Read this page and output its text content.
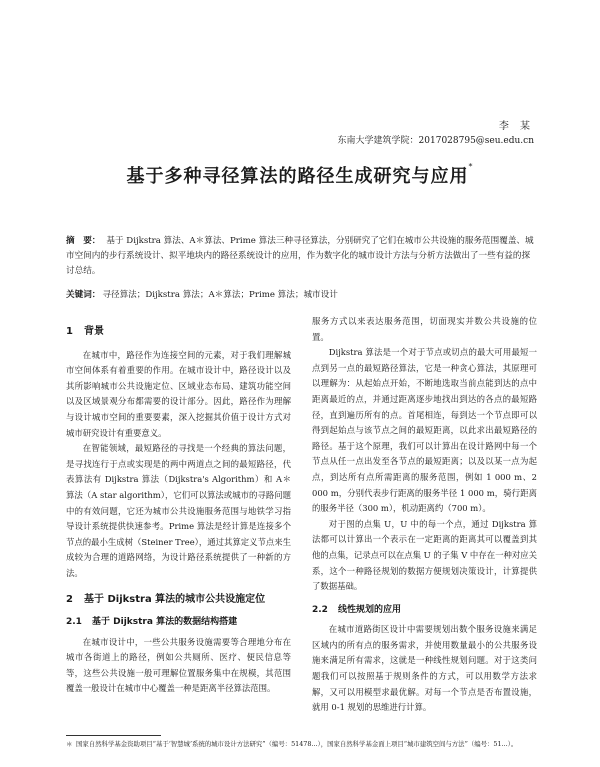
李 某
东南大学建筑学院：2017028795@seu.edu.cn
基于多种寻径算法的路径生成研究与应用*
摘　要： 基于 Dijkstra 算法、A＊算法、Prime 算法三种寻径算法，分别研究了它们在城市公共设施的服务范围覆盖、城市空间内的步行系统设计、拟平地块内的路径系统设计的应用，作为数字化的城市设计方法与分析方法做出了一些有益的探讨总结。
关键词： 寻径算法；Dijkstra 算法；A＊算法；Prime 算法；城市设计
1 背景

在城市中，路径作为连接空间的元素，对于我们理解城市空间体系有着重要的作用。在城市设计中，路径设计以及其所影响城市公共设施定位、区域业态布局、建筑功能空间以及区域景观分布都需要的设计部分。因此，路径作为理解与设计城市空间的重要要素，深入挖掘其价值于设计方式对城市研究设计有重要意义。

在智能领域，最短路径的寻找是一个经典的算法问题，是寻找连行于点或实现是的两中两道点之间的最短路径，代表算法有 Dijkstra 算法（Dijkstra's Algorithm）和 A＊算法（A star algorithm），它们可以算法或城市的寻路问题中的有效问题，它还为城市公共设施服务范围与地铁学习指导设计系统提供快速参考。Prime 算法是经计算是连接多个节点的最小生成树（Steiner Tree），通过其算定义节点来生成较为合理的道路网络，为设计路径系统提供了一种新的方法。

2 基于 Dijkstra 算法的城市公共设施定位
2.1 基于 Dijkstra 算法的数据结构搭建

在城市设计中，一些公共服务设施需要等合理地分布在城市各街道上的路径，例如公共厕所、医疗、便民信息等等，这些公共设施一般可理解位置服务集中在规模，其范围覆盖一般设计在城市中心覆盖一种是距离半径算法范围。

服务方式以来表达服务范围，切面现实并数公共设施的位置。

Dijkstra 算法是一个对于节点或切点的最大可用最短一点到另一点的最短路径算法，它是一种贪心算法，其原理可以理解为：从起始点开始，不断地选取当前点能到达的点中距离最近的点，并通过距离逐步地找出到达的各点的最短路径，直到遍历所有的点。首尾相连，每到达一个节点即可以得到起始点与该节点之间的最短距离，以此求出最短路径的路径。基于这个原理，我们可以计算出在设计路网中每一个节点从任一点出发至各节点的最短距离；以及以某一点为起点，到达所有点所需距离的服务范围，例如 1 000 m、2 000 m，分别代表步行距离的服务半径 1 000 m，骑行距离的服务半径（300 m），机动距离约（700 m）。

对于图的点集 U，U 中的每一个点，通过 Dijkstra 算法都可以计算出一个表示在一定距离的距离其可以覆盖到其他的点集，记录点可以在点集 U 的子集 V 中存在一种对应关系，这个一种路径规划的数据方便规划决策设计，计算提供了数据基础。

2.2 线性规划的应用

在城市道路街区设计中需要规划出数个服务设施来满足区域内的所有点的服务需求，并使用数量最小的公共服务设施来满足所有需求，这就是一种线性规划问题。对于这类问题我们可以按照基于规则条件的方式，可以用数学方法求解，又可以用模型求最优解。对每一个节点是否布置设施，就用 0-1 规划的思维进行计算。

＊ 国家自然科学基金资助项目“基于‘智慧城’系统的城市设计方法研究”（编号：51478...），国家自然科学基金面上项目“城市建筑空间与方法”（编号：51...）。
